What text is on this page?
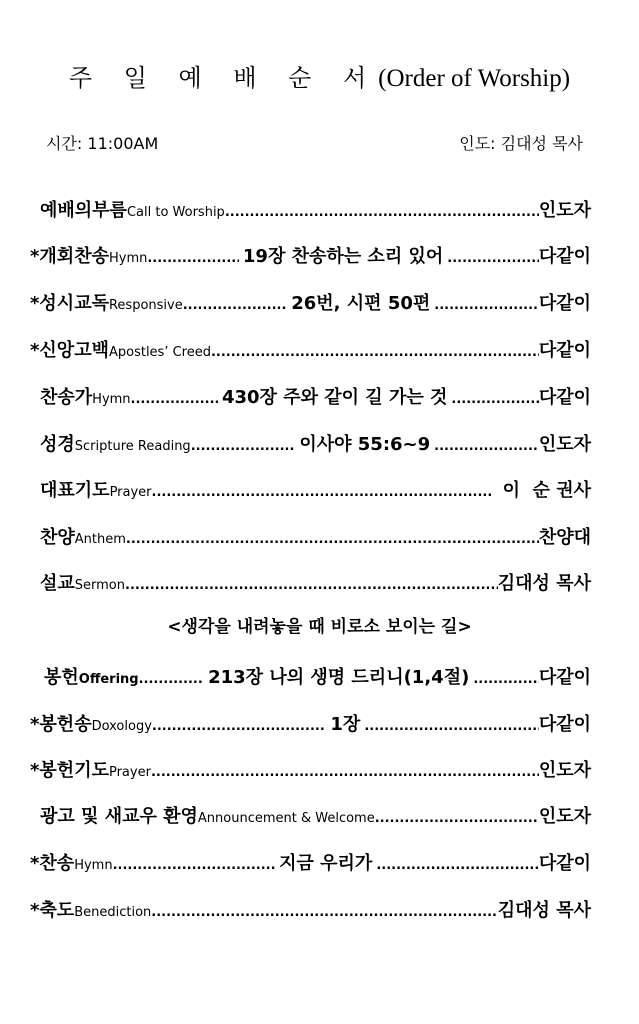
주 일 예 배 순 서(Order of Worship)
시간: 11:00AM	인도: 김대성 목사
예배의부름 Call to Worship .....	인도자
*개회찬송 Hymn .....	19장 찬송하는 소리 있어 .....	다같이
*성시교독 Responsive .....	26번, 시편 50편 .....	다같이
*신앙고백 Apostles’ Creed .....	다같이
찬송가 Hymn .....	430장 주와 같이 길 가는 것 .....	다같이
성경 Scripture Reading .....	이사야 55:6~9 .....	인도자
대표기도 Prayer .....	이  순 권사
찬양 Anthem .....	찬양대
설교 Sermon .....	김대성 목사
<생각을 내려놓을 때 비로소 보이는 길>
봉헌 Offering .....	213장 나의 생명 드리니(1,4절) .....	다같이
*봉헌송 Doxology .....	1장 .....	다같이
*봉헌기도 Prayer .....	인도자
광고 및 새교우 환영 Announcement & Welcome .....	인도자
*찬송 Hymn .....	지금 우리가 .....	다같이
*축도 Benediction .....	김대성 목사
